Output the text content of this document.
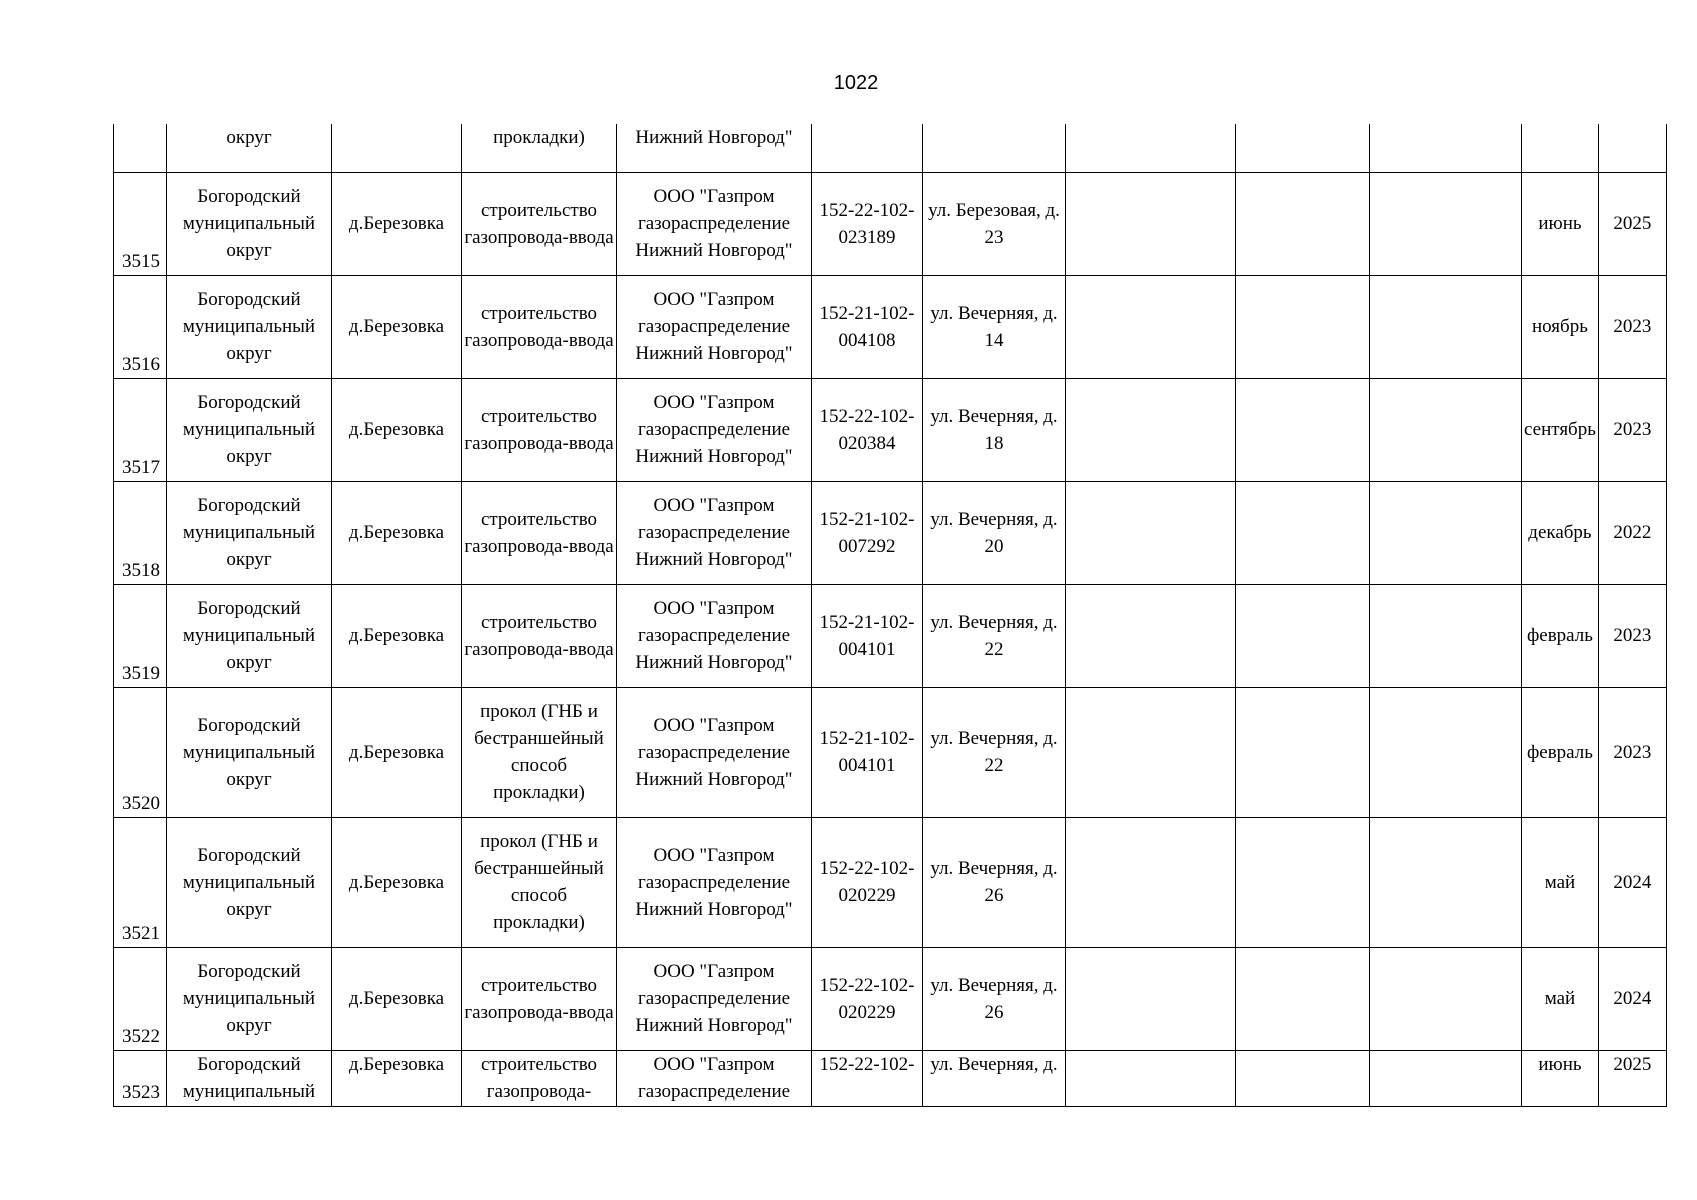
1022
	округ		прокладки)	Нижний Новгород"							
3515	Богородский муниципальный округ	д.Березовка	строительство газопровода-ввода	ООО "Газпром газораспределение Нижний Новгород"	152-22-102-023189	ул. Березовая, д. 23				июнь	2025
3516	Богородский муниципальный округ	д.Березовка	строительство газопровода-ввода	ООО "Газпром газораспределение Нижний Новгород"	152-21-102-004108	ул. Вечерняя, д. 14				ноябрь	2023
3517	Богородский муниципальный округ	д.Березовка	строительство газопровода-ввода	ООО "Газпром газораспределение Нижний Новгород"	152-22-102-020384	ул. Вечерняя, д. 18				сентябрь	2023
3518	Богородский муниципальный округ	д.Березовка	строительство газопровода-ввода	ООО "Газпром газораспределение Нижний Новгород"	152-21-102-007292	ул. Вечерняя, д. 20				декабрь	2022
3519	Богородский муниципальный округ	д.Березовка	строительство газопровода-ввода	ООО "Газпром газораспределение Нижний Новгород"	152-21-102-004101	ул. Вечерняя, д. 22				февраль	2023
3520	Богородский муниципальный округ	д.Березовка	прокол (ГНБ и бестраншейный способ прокладки)	ООО "Газпром газораспределение Нижний Новгород"	152-21-102-004101	ул. Вечерняя, д. 22				февраль	2023
3521	Богородский муниципальный округ	д.Березовка	прокол (ГНБ и бестраншейный способ прокладки)	ООО "Газпром газораспределение Нижний Новгород"	152-22-102-020229	ул. Вечерняя, д. 26				май	2024
3522	Богородский муниципальный округ	д.Березовка	строительство газопровода-ввода	ООО "Газпром газораспределение Нижний Новгород"	152-22-102-020229	ул. Вечерняя, д. 26				май	2024
3523	Богородский муниципальный	д.Березовка	строительство газопровода-	ООО "Газпром газораспределение	152-22-102-	ул. Вечерняя, д.				июнь	2025
